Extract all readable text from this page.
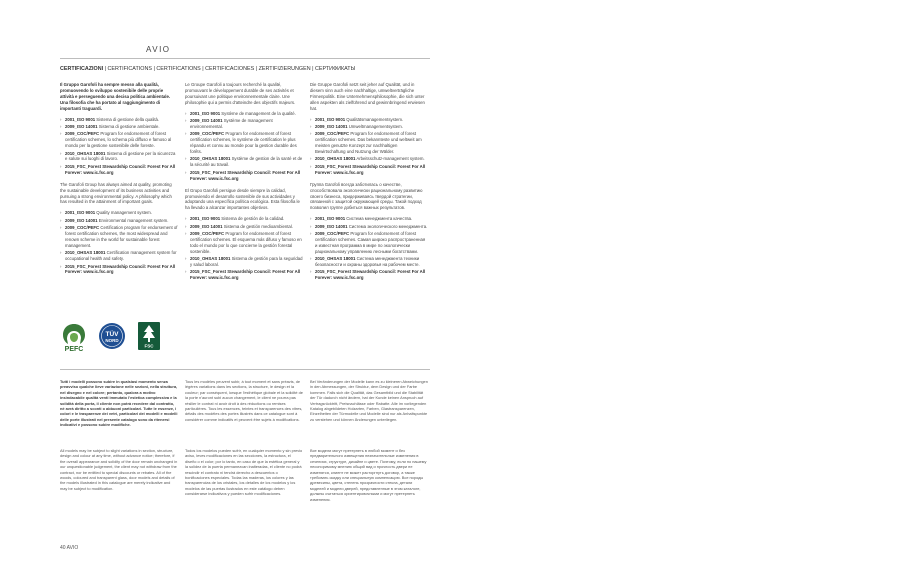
AVIO
CERTIFICAZIONI | CERTIFICATIONS | CERTIFICATIONS | CERTIFICACIONES | ZERTIFIZIERUNGEN | СЕРТИФИКАТЫ

Il Gruppo Garofoli ha sempre messo alla qualità, promuovendo lo sviluppo sostenibile delle proprie attività e perseguendo una decisa politica ambientale. Una filosofia che ha portato al raggiungimento di importanti traguardi.

› 2001_ISO 9001 Sistema di gestione della qualità.
› 2009_ISO 14001 Sistema di gestione ambientale.
› 2009_COC/PEFC Program for endorsement of forest certification schemes, lo schema più diffuso e famoso al mondo per la gestione sostenibile delle foreste.
› 2010_OHSAS 18001 Sistema di gestione per la sicurezza e salute sui luoghi di lavoro.
› 2015_FSC_Forest Stewardship Council: Forest For All Forever: www.ic.fsc.org

The Garofoli Group has always aimed at quality, promoting the sustainable development of its business activities and pursuing a strong environmental policy. A philosophy which has resulted in the attainment of important goals.

› 2001_ISO 9001 Quality management system.
› 2009_ISO 14001 Environmental management system.
› 2009_COC/PEFC Certification program for endorsement of forest certification schemes, the most widespread and renown scheme in the world for sustainable forest management.
› 2010_OHSAS 18001 Certification management system for occupational health and safety.
› 2015_FSC_Forest Stewardship Council: Forest For All Forever: www.ic.fsc.org

Le Groupe Garofoli a toujours recherché la qualité, promouvant le développement durable de ses activités et poursuivant une politique environnementale claire. Une philosophie qui a permis d'atteindre des objectifs majeurs.

› 2001_ISO 9001 Système de management de la qualité.
› 2009_ISO 14001 Système de management environnemental.
› 2009_COC/PEFC Program for endorsement of forest certification schemes, le système de certification le plus répandu et connu au monde pour la gestion durable des forêts.
› 2010_OHSAS 18001 Système de gestion de la santé et de la sécurité au travail.
› 2015_FSC_Forest Stewardship Council: Forest For All Forever: www.ic.fsc.org

El Grupo Garofoli persigue desde siempre la calidad, promoviendo el desarrollo sostenible de sus actividades y adoptando una específica política ecológica. Esta filosofía le ha llevado a alcanzar importantes objetivos.

› 2001_ISO 9001 Sistema de gestión de la calidad.
› 2009_ISO 14001 Sistema de gestión medioambiental.
› 2009_COC/PEFC Program for endorsement of forest certification schemes. El esquema más difuso y famoso en todo el mundo por lo que concierne la gestión forestal sostenible.
› 2010_OHSAS 18001 Sistema de gestión para la seguridad y salud laboral.
› 2015_FSC_Forest Stewardship Council: Forest For All Forever: www.ic.fsc.org

Die Gruppe Garofoli setzt seit jeher auf Qualität, und in diesem sinn auch eine nachhaltige, umweltverträgliche Firmenpolitik. Eine Unternehmensphilosophie, die sich unter allen aspekten als zielführend und gewinnbringend erwiesen hat.

› 2001_ISO 9001 Qualitätsmanagementsystem.
› 2009_ISO 14001 Umweltmanagementsystem.
› 2009_COC/PEFC Program for endorsement of forest certification schemes. Das bekannteste und weltweit am meisten genutzte Konzept zur nachhaltigen Bewirtschaftung und Nutzung der Wälder.
› 2010_OHSAS 18001 Arbeitsschutz-management system.
› 2015_FSC_Forest Stewardship Council: Forest For All Forever: www.ic.fsc.org

Группа Garofoli всегда заботилась о качестве, способствовала экологически рациональному развитию своего бизнеса, придерживаясь твердой стратегии, связанной с защитой окружающей среды. Такой подход позволил группе добиться важных результатов.

› 2001_ISO 9001 Система менеджмента качества.
› 2009_ISO 14001 Система экологического менеджмента.
› 2009_COC/PEFC Program for endorsement of forest certification schemes. Самая широко распространенная и известная программа в мире по экологически рациональному управлению лесными богатствами.
› 2010_OHSAS 18001 Система менеджмента техники безопасности и охраны здоровья на рабочем месте.
› 2015_FSC_Forest Stewardship Council: Forest For All Forever: www.ic.fsc.org
PEFC
TÜV
NORD
FSC
Tutti i modelli possono subire in qualsiasi momento senza preavviso qualche lieve variazione nelle sezioni, nella struttura, nel disegno e nel colore; pertanto, qualora a motivo insindacabile qualità venti immutato l'estetica complessiva e la solidità della porta, il cliente non potrà recedere dal contratto, né avrà diritto a sconti o abbuoni particolari. Tutte le essenze, i colori e le trasparenze dei vetri, particolari dei modelli e modelli delle porte illustrati nel presente catalogo sono da ritenersi indicativi e possono subire modifiche.
Tous les modèles peuvent subir, à tout moment et sans préavis, de légères variations dans les sections, la structure, le design et la couleur; par conséquent, lorsque l'esthétique globale et la solidité de la porte n'auront subi aucun changement, le client ne pourra pas résilier le contrat ni avoir droit à des réductions ou remises particulières. Tous les essences, teintes et transparences des vitres, détails des modèles des portes illustrés dans ce catalogue sont à considérer comme indicatifs et peuvent être sujets à modifications.
Bei Veränderungen der Modelle kann es zu kleineren Abweichungen in den Abmessungen, der Struktur, dem Design und der Farbe kommen. Falls sich die Qualität, das Gesamtbild und die Stabilität der Tür dadurch nicht ändern, hat der Kunde keinen Anspruch auf Vertragsrücktritt, Preisnachlässe oder Rabatte. Alle im vorliegenden Katalog abgebildeten Holzarten, Farben, Glastransparenzen, Einzelheiten der Türmodelle und Modelle sind nur als Anhaltspunkte zu verstehen und können Änderungen unterliegen.
All models may be subject to slight variations in section, structure, design and colour at any time, without advance notice; therefore, if the overall appearance and solidity of the door remain unchanged in our unquestionable judgement, the client may not withdraw from the contract, nor be entitled to special discounts or rebates. All of the woods, coloured and transparent glass, door models and details of the models illustrated in this catalogue are merely indicative and may be subject to modification.
Todos los modelos pueden sufrir, en cualquier momento y sin previo aviso, leves modificaciones en las secciones, la estructura, el diseño o el color; por lo tanto, en caso de que la estética general y la solidez de la puerta permanezcan inalteradas, el cliente no podrá rescindir el contrato ni tendrá derecho a descuentos o bonificaciones especiales. Todas las maderas, los colores y las transparencias de los cristales, los detalles de los modelos y los modelos de las puertas ilustrados en este catálogo deben considerarse indicativos y pueden sufrir modificaciones.
Все модели могут претерпеть в любой момент и без предварительного извещения незначительные изменения в сечениях, структуре, дизайне и цвете. Поэтому, если по нашему неоспоримому мнению общий вид и прочность двери не изменятся, клиент не может расторгнуть договор, а также требовать скидку или специальную компенсацию. Все породы древесины, цвета, степень прозрачности стекла, детали моделей и модели дверей, представленные в этом каталоге, должны считаться ориентировочными и могут претерпеть изменения.
40 AVIO
